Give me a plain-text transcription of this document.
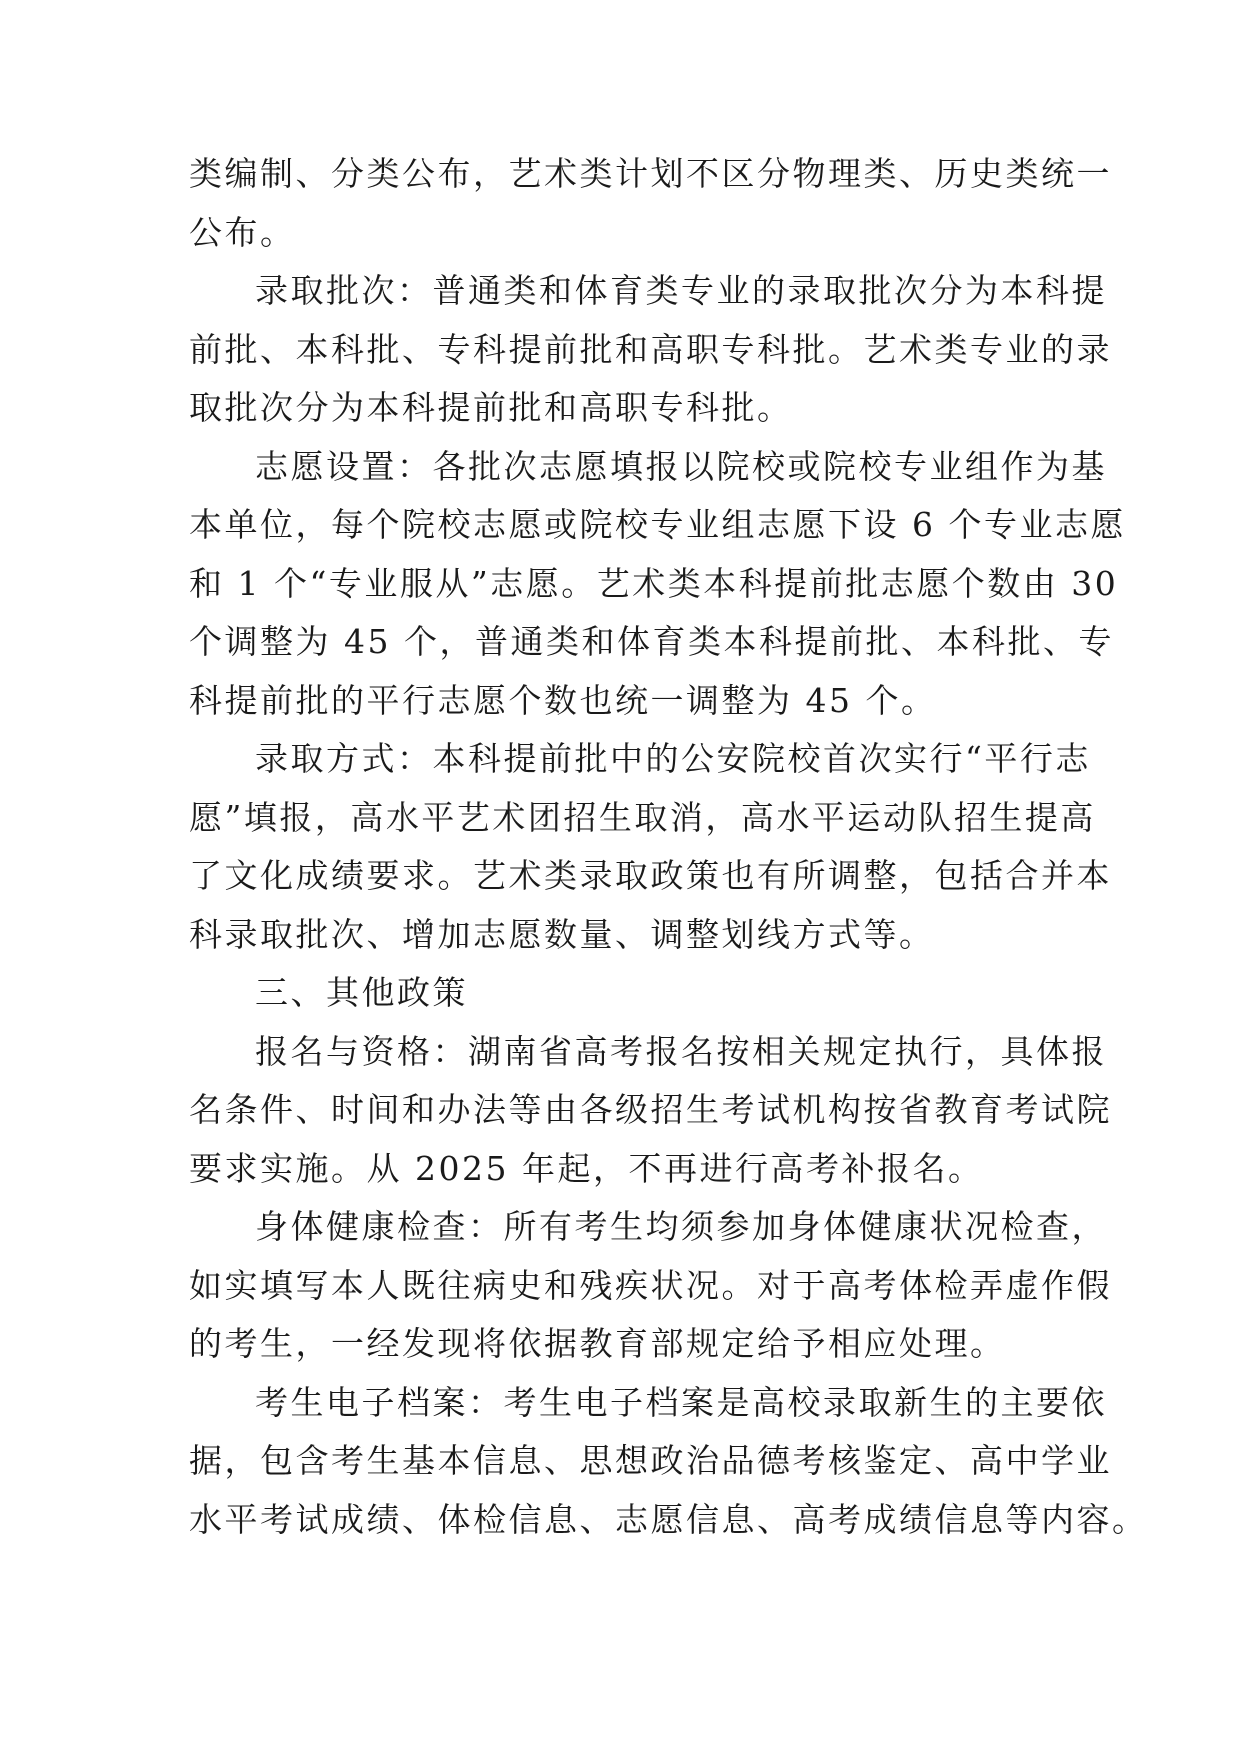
类编制、分类公布，艺术类计划不区分物理类、历史类统一
公布。
录取批次：普通类和体育类专业的录取批次分为本科提
前批、本科批、专科提前批和高职专科批。艺术类专业的录
取批次分为本科提前批和高职专科批。
志愿设置：各批次志愿填报以院校或院校专业组作为基
本单位，每个院校志愿或院校专业组志愿下设 6 个专业志愿
和 1 个“专业服从”志愿。艺术类本科提前批志愿个数由 30
个调整为 45 个，普通类和体育类本科提前批、本科批、专
科提前批的平行志愿个数也统一调整为 45 个。
录取方式：本科提前批中的公安院校首次实行“平行志
愿”填报，高水平艺术团招生取消，高水平运动队招生提高
了文化成绩要求。艺术类录取政策也有所调整，包括合并本
科录取批次、增加志愿数量、调整划线方式等。
三、其他政策
报名与资格：湖南省高考报名按相关规定执行，具体报
名条件、时间和办法等由各级招生考试机构按省教育考试院
要求实施。从 2025 年起，不再进行高考补报名。
身体健康检查：所有考生均须参加身体健康状况检查，
如实填写本人既往病史和残疾状况。对于高考体检弄虚作假
的考生，一经发现将依据教育部规定给予相应处理。
考生电子档案：考生电子档案是高校录取新生的主要依
据，包含考生基本信息、思想政治品德考核鉴定、高中学业
水平考试成绩、体检信息、志愿信息、高考成绩信息等内容。
